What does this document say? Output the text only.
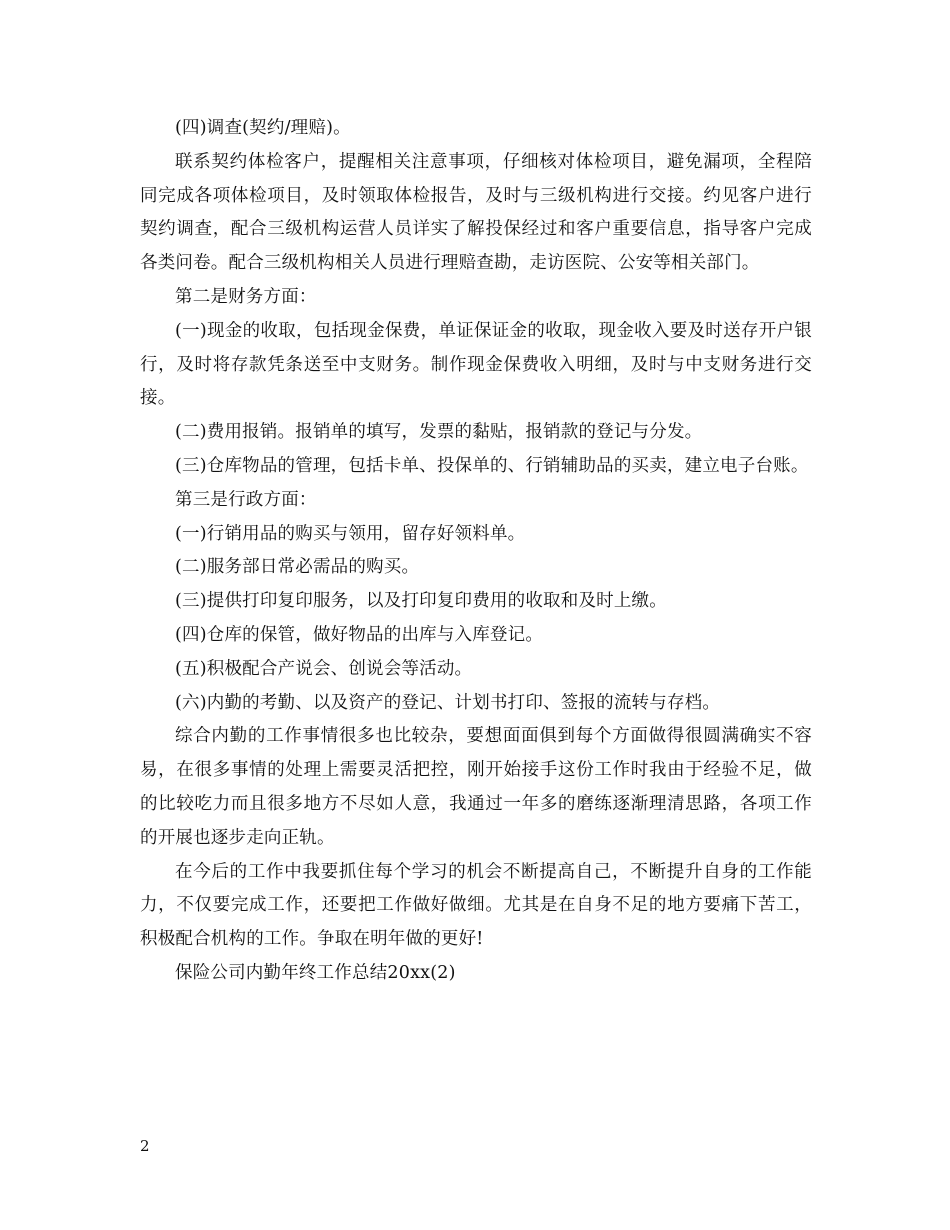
(四)调查(契约/理赔)。

联系契约体检客户，提醒相关注意事项，仔细核对体检项目，避免漏项，全程陪同完成各项体检项目，及时领取体检报告，及时与三级机构进行交接。约见客户进行契约调查，配合三级机构运营人员详实了解投保经过和客户重要信息，指导客户完成各类问卷。配合三级机构相关人员进行理赔查勘，走访医院、公安等相关部门。

第二是财务方面：

(一)现金的收取，包括现金保费，单证保证金的收取，现金收入要及时送存开户银行，及时将存款凭条送至中支财务。制作现金保费收入明细，及时与中支财务进行交接。

(二)费用报销。报销单的填写，发票的黏贴，报销款的登记与分发。

(三)仓库物品的管理，包括卡单、投保单的、行销辅助品的买卖，建立电子台账。

第三是行政方面：

(一)行销用品的购买与领用，留存好领料单。

(二)服务部日常必需品的购买。

(三)提供打印复印服务，以及打印复印费用的收取和及时上缴。

(四)仓库的保管，做好物品的出库与入库登记。

(五)积极配合产说会、创说会等活动。

(六)内勤的考勤、以及资产的登记、计划书打印、签报的流转与存档。

综合内勤的工作事情很多也比较杂，要想面面俱到每个方面做得很圆满确实不容易，在很多事情的处理上需要灵活把控，刚开始接手这份工作时我由于经验不足，做的比较吃力而且很多地方不尽如人意，我通过一年多的磨练逐渐理清思路，各项工作的开展也逐步走向正轨。

在今后的工作中我要抓住每个学习的机会不断提高自己，不断提升自身的工作能力，不仅要完成工作，还要把工作做好做细。尤其是在自身不足的地方要痛下苦工，积极配合机构的工作。争取在明年做的更好!

保险公司内勤年终工作总结20xx(2)

2
